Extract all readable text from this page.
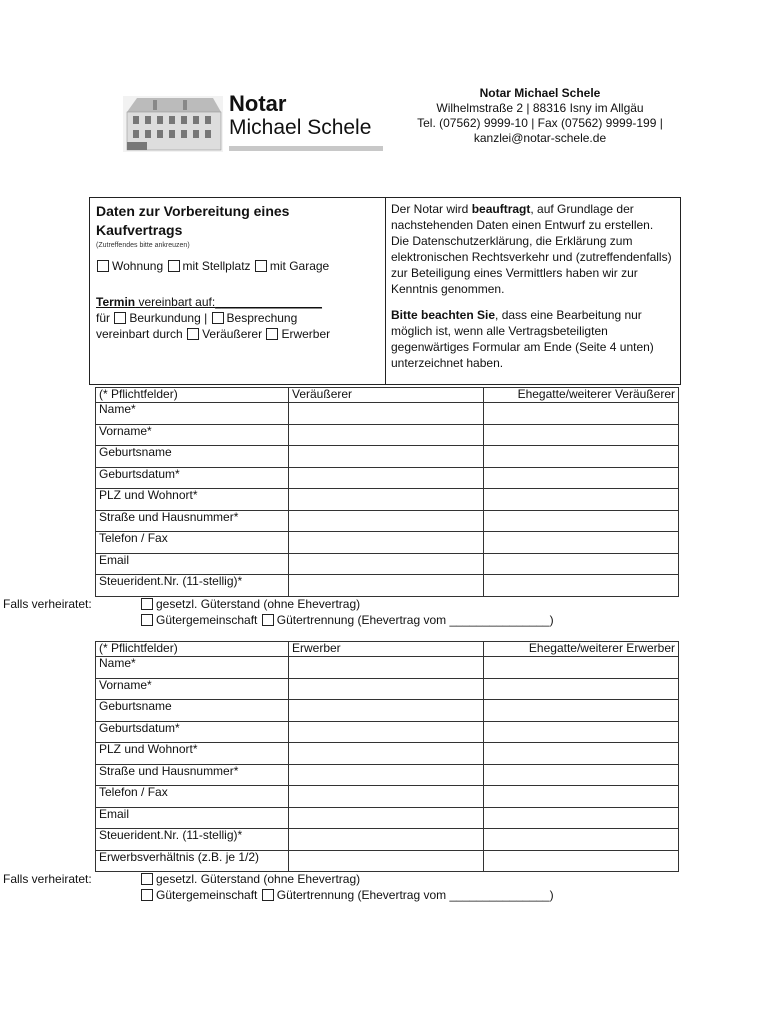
Notar
Michael Schele
Notar Michael Schele
Wilhelmstraße 2 | 88316 Isny im Allgäu
Tel. (07562) 9999-10 | Fax (07562) 9999-199 |
kanzlei@notar-schele.de
Daten zur Vorbereitung eines
Kaufvertrags
(Zutreffendes bitte ankreuzen)
Wohnung mit Stellplatz mit Garage
Termin vereinbart auf:________________
für Beurkundung | Besprechung
vereinbart durch Veräußerer Erwerber
Der Notar wird beauftragt, auf Grundlage der nachstehenden Daten einen Entwurf zu erstellen. Die Datenschutzerklärung, die Erklärung zum elektronischen Rechtsverkehr und (zutreffendenfalls) zur Beteiligung eines Vermittlers haben wir zur Kenntnis genommen.
Bitte beachten Sie, dass eine Bearbeitung nur möglich ist, wenn alle Vertragsbeteiligten gegenwärtiges Formular am Ende (Seite 4 unten) unterzeichnet haben.
(* Pflichtfelder)	Veräußerer	Ehegatte/weiterer Veräußerer
Name*		
Vorname*		
Geburtsname		
Geburtsdatum*		
PLZ und Wohnort*		
Straße und Hausnummer*		
Telefon / Fax		
Email		
Steuerident.Nr. (11-stellig)*		
Falls verheiratet:	gesetzl. Güterstand (ohne Ehevertrag)
Gütergemeinschaft Gütertrennung (Ehevertrag vom _______________)
(* Pflichtfelder)	Erwerber	Ehegatte/weiterer Erwerber
Name*		
Vorname*		
Geburtsname		
Geburtsdatum*		
PLZ und Wohnort*		
Straße und Hausnummer*		
Telefon / Fax		
Email		
Steuerident.Nr. (11-stellig)*		
Erwerbsverhältnis (z.B. je 1/2)		
Falls verheiratet:	gesetzl. Güterstand (ohne Ehevertrag)
Gütergemeinschaft Gütertrennung (Ehevertrag vom _______________)
